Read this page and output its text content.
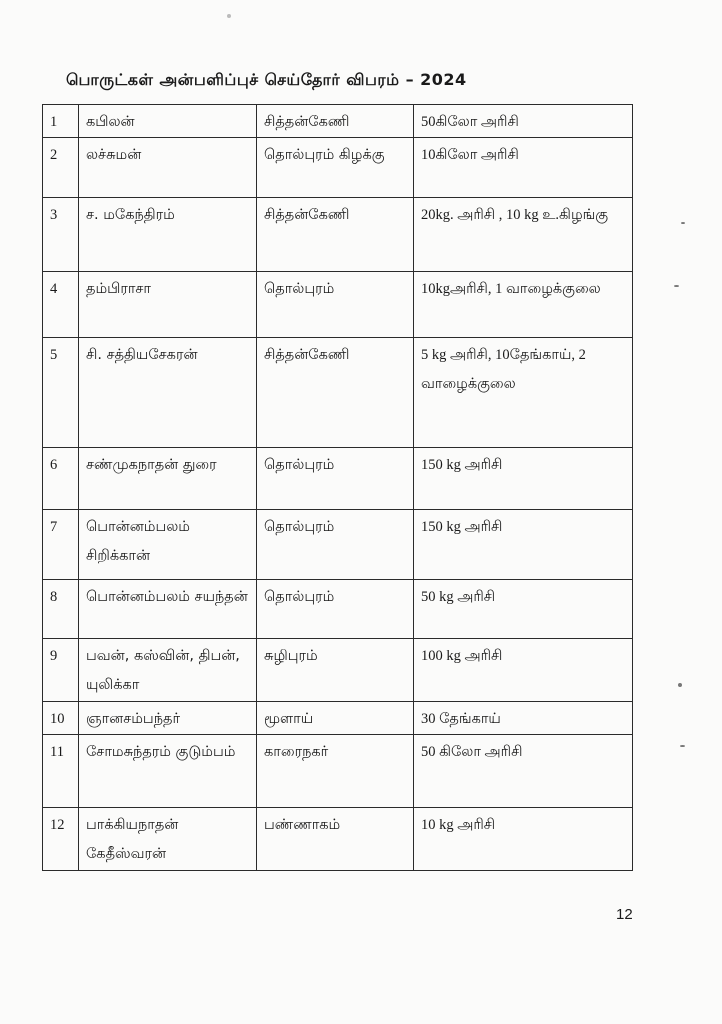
பொருட்கள் அன்பளிப்புச் செய்தோர் விபரம் – 2024
1	கபிலன்	சித்தன்கேணி	50கிலோ அரிசி
2	லச்சுமன்	தொல்புரம் கிழக்கு	10கிலோ அரிசி
3	ச. மகேந்திரம்	சித்தன்கேணி	20kg. அரிசி , 10 kg உ.கிழங்கு
4	தம்பிராசா	தொல்புரம்	10kgஅரிசி, 1 வாழைக்குலை
5	சி. சத்தியசேகரன்	சித்தன்கேணி	5 kg அரிசி, 10தேங்காய், 2 வாழைக்குலை
6	சண்முகநாதன் துரை	தொல்புரம்	150 kg அரிசி
7	பொன்னம்பலம் சிறிக்கான்	தொல்புரம்	150 kg அரிசி
8	பொன்னம்பலம் சயந்தன்	தொல்புரம்	50 kg அரிசி
9	பவன், கஸ்வின், திபன், யுலிக்கா	சுழிபுரம்	100 kg அரிசி
10	ஞானசம்பந்தர்	மூளாய்	30 தேங்காய்
11	சோமசுந்தரம் குடும்பம்	காரைநகர்	50 கிலோ அரிசி
12	பாக்கியநாதன் கேதீஸ்வரன்	பண்ணாகம்	10 kg அரிசி
12
